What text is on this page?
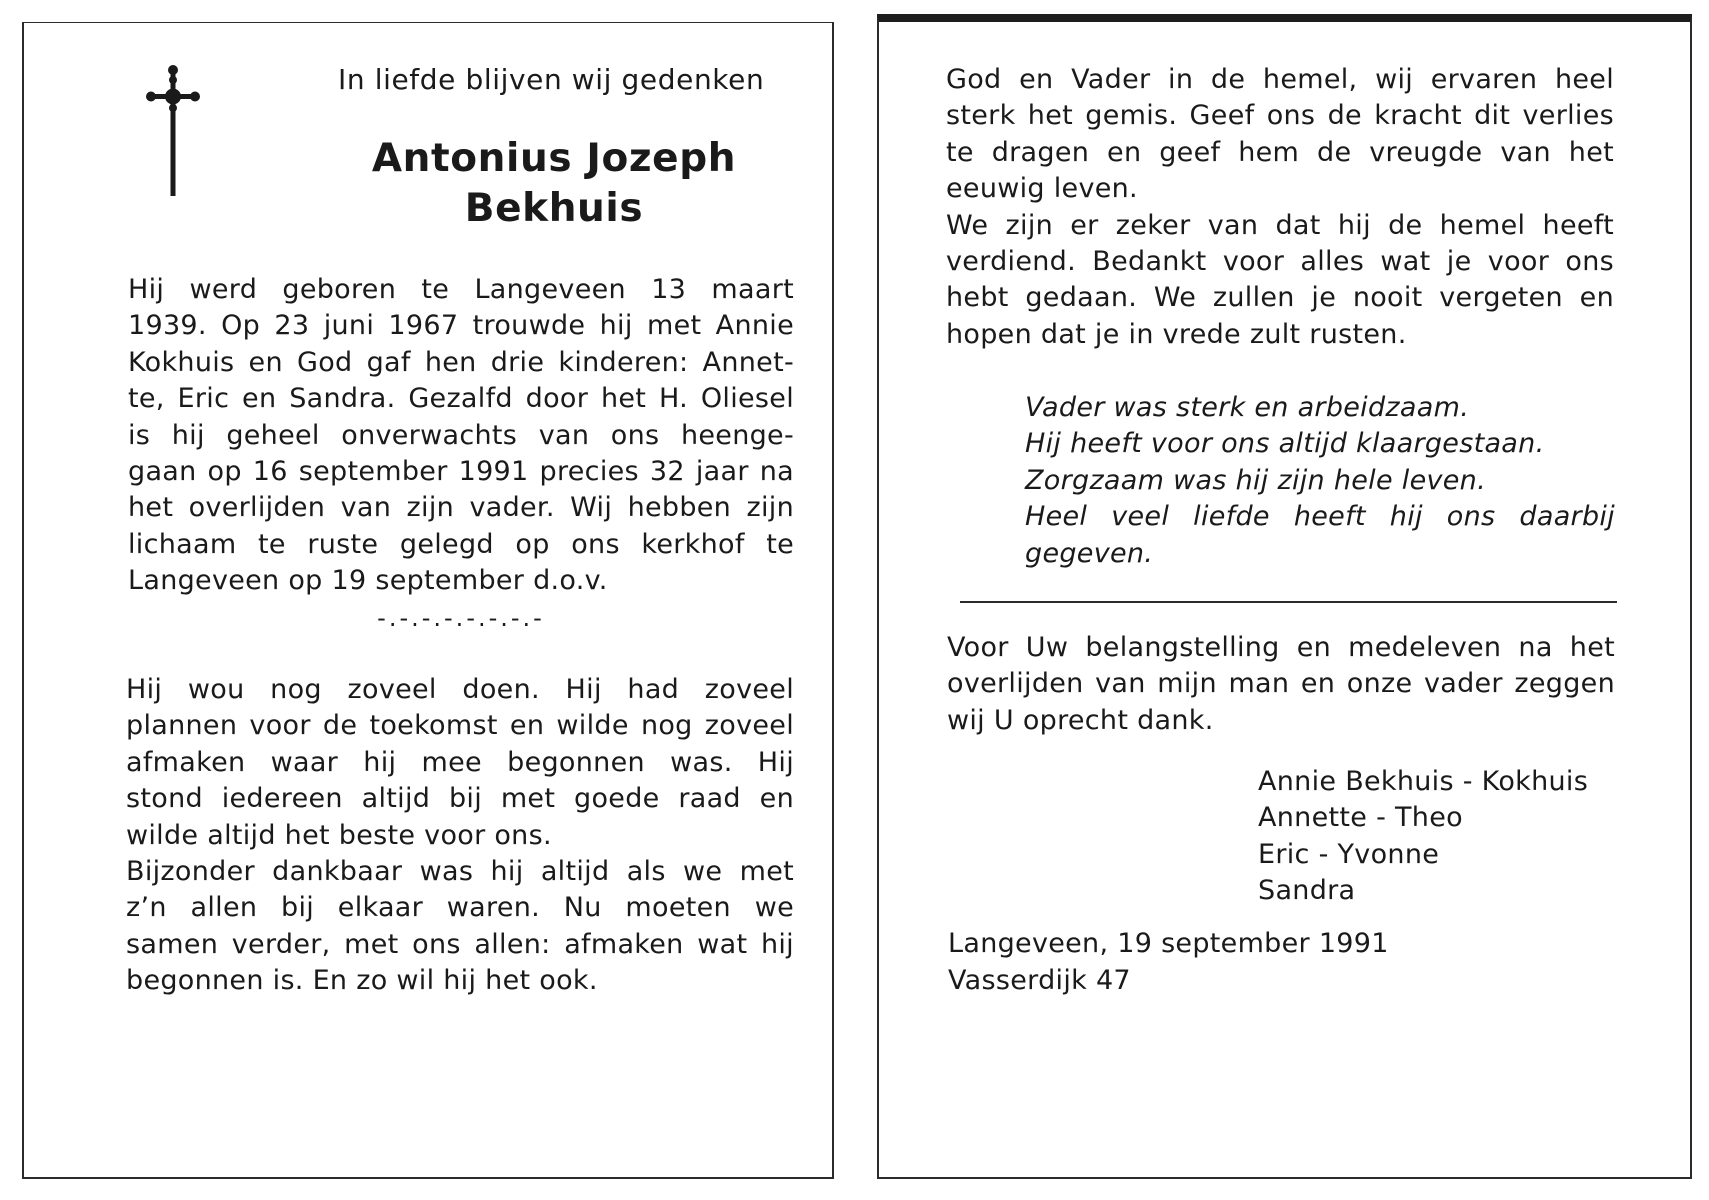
In liefde blijven wij gedenken
Antonius Jozeph
Bekhuis
Hij werd geboren te Langeveen 13 maart
1939. Op 23 juni 1967 trouwde hij met Annie
Kokhuis en God gaf hen drie kinderen: Annet-
te, Eric en Sandra. Gezalfd door het H. Oliesel
is hij geheel onverwachts van ons heenge-
gaan op 16 september 1991 precies 32 jaar na
het overlijden van zijn vader. Wij hebben zijn
lichaam te ruste gelegd op ons kerkhof te
Langeveen op 19 september d.o.v.
-.-.-.-.-.-.-.-
Hij wou nog zoveel doen. Hij had zoveel
plannen voor de toekomst en wilde nog zoveel
afmaken waar hij mee begonnen was. Hij
stond iedereen altijd bij met goede raad en
wilde altijd het beste voor ons.
Bijzonder dankbaar was hij altijd als we met
z’n allen bij elkaar waren. Nu moeten we
samen verder, met ons allen: afmaken wat hij
begonnen is. En zo wil hij het ook.
God en Vader in de hemel, wij ervaren heel
sterk het gemis. Geef ons de kracht dit verlies
te dragen en geef hem de vreugde van het
eeuwig leven.
We zijn er zeker van dat hij de hemel heeft
verdiend. Bedankt voor alles wat je voor ons
hebt gedaan. We zullen je nooit vergeten en
hopen dat je in vrede zult rusten.
Vader was sterk en arbeidzaam.
Hij heeft voor ons altijd klaargestaan.
Zorgzaam was hij zijn hele leven.
Heel veel liefde heeft hij ons daarbij
gegeven.
Voor Uw belangstelling en medeleven na het
overlijden van mijn man en onze vader zeggen
wij U oprecht dank.
Annie Bekhuis - Kokhuis
Annette - Theo
Eric - Yvonne
Sandra
Langeveen, 19 september 1991
Vasserdijk 47
